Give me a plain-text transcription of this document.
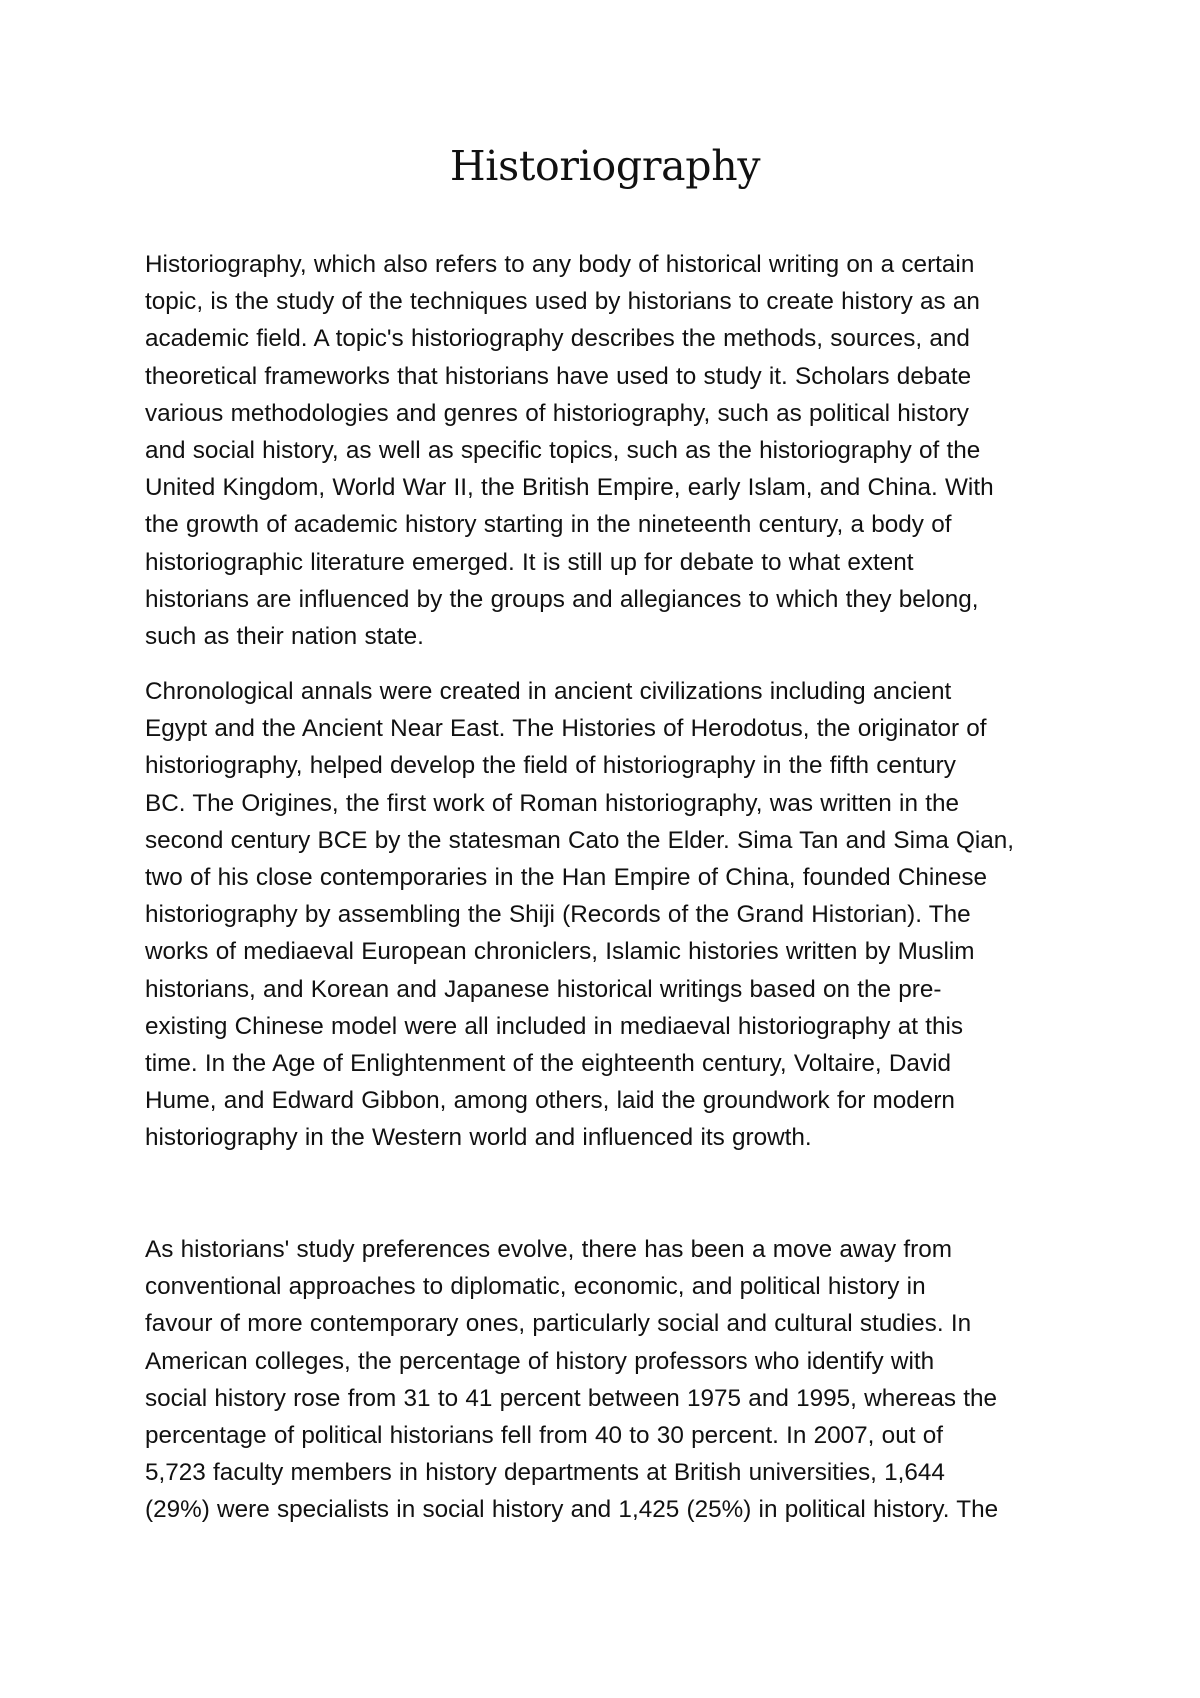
Historiography

Historiography, which also refers to any body of historical writing on a certain
topic, is the study of the techniques used by historians to create history as an
academic field. A topic's historiography describes the methods, sources, and
theoretical frameworks that historians have used to study it. Scholars debate
various methodologies and genres of historiography, such as political history
and social history, as well as specific topics, such as the historiography of the
United Kingdom, World War II, the British Empire, early Islam, and China. With
the growth of academic history starting in the nineteenth century, a body of
historiographic literature emerged. It is still up for debate to what extent
historians are influenced by the groups and allegiances to which they belong,
such as their nation state.

Chronological annals were created in ancient civilizations including ancient
Egypt and the Ancient Near East. The Histories of Herodotus, the originator of
historiography, helped develop the field of historiography in the fifth century
BC. The Origines, the first work of Roman historiography, was written in the
second century BCE by the statesman Cato the Elder. Sima Tan and Sima Qian,
two of his close contemporaries in the Han Empire of China, founded Chinese
historiography by assembling the Shiji (Records of the Grand Historian). The
works of mediaeval European chroniclers, Islamic histories written by Muslim
historians, and Korean and Japanese historical writings based on the pre-
existing Chinese model were all included in mediaeval historiography at this
time. In the Age of Enlightenment of the eighteenth century, Voltaire, David
Hume, and Edward Gibbon, among others, laid the groundwork for modern
historiography in the Western world and influenced its growth.

As historians' study preferences evolve, there has been a move away from
conventional approaches to diplomatic, economic, and political history in
favour of more contemporary ones, particularly social and cultural studies. In
American colleges, the percentage of history professors who identify with
social history rose from 31 to 41 percent between 1975 and 1995, whereas the
percentage of political historians fell from 40 to 30 percent. In 2007, out of
5,723 faculty members in history departments at British universities, 1,644
(29%) were specialists in social history and 1,425 (25%) in political history. The
